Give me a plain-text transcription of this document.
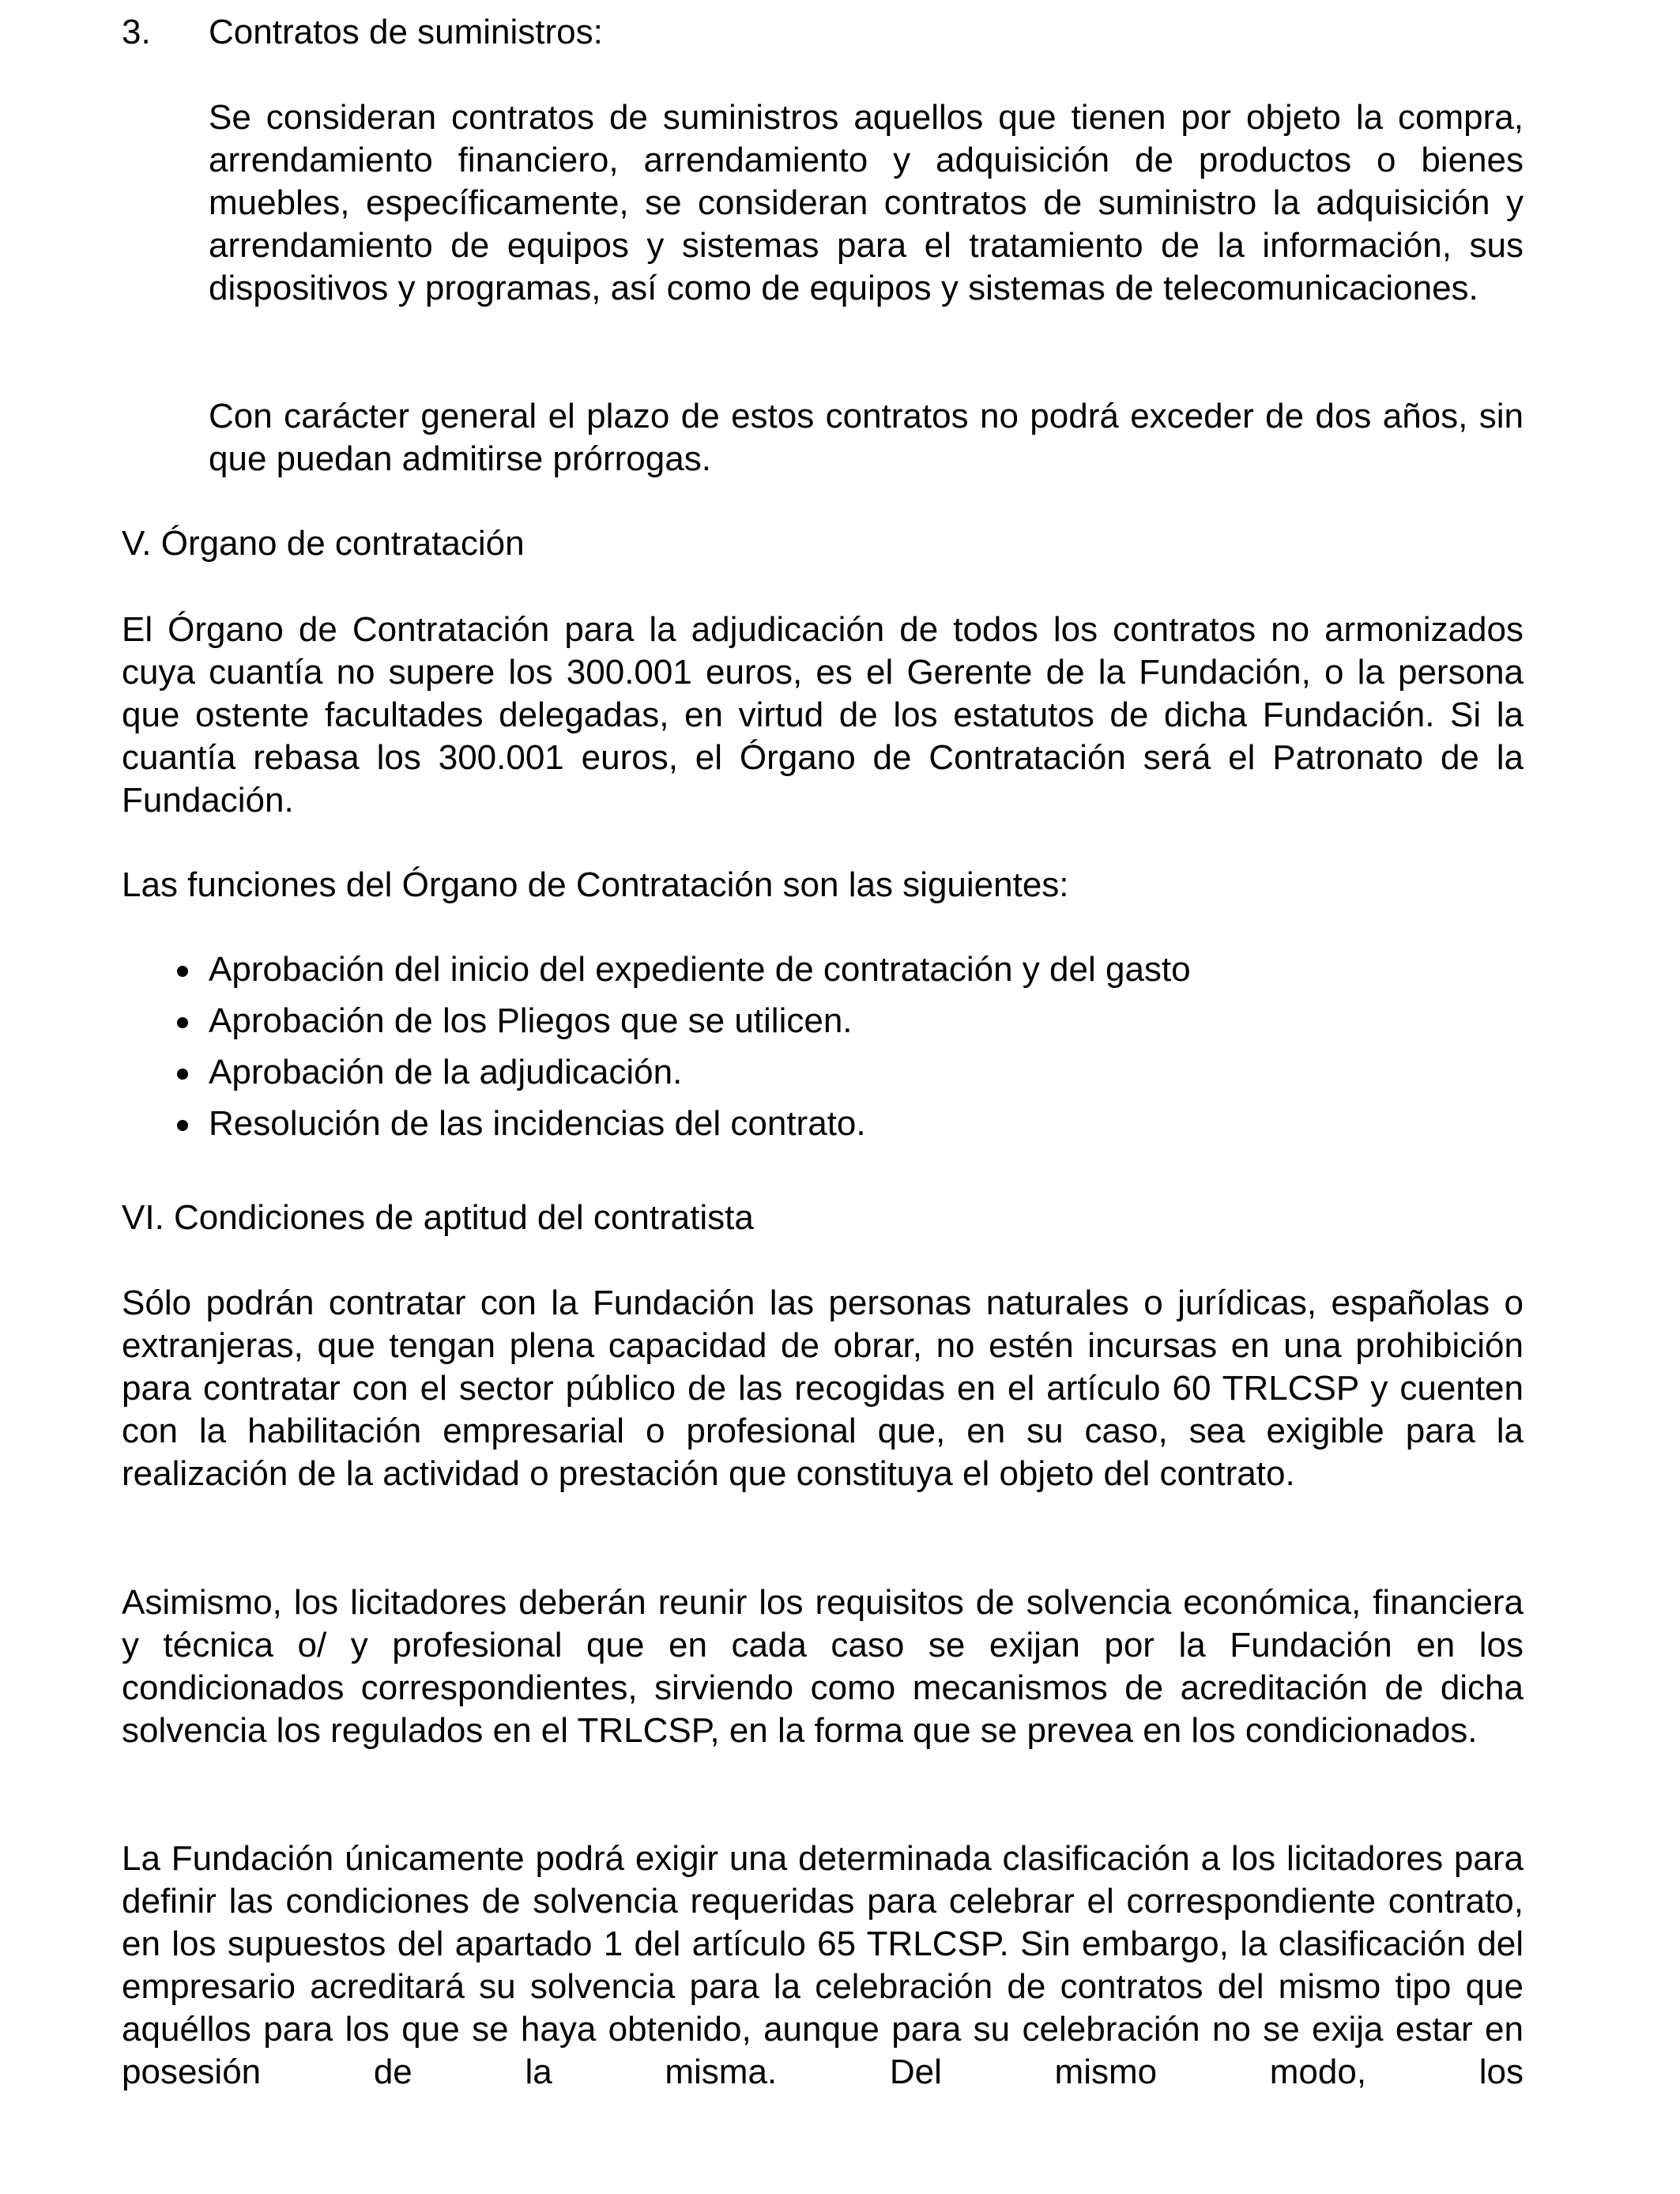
3. Contratos de suministros:

Se consideran contratos de suministros aquellos que tienen por objeto la compra, arrendamiento financiero, arrendamiento y adquisición de productos o bienes muebles, específicamente, se consideran contratos de suministro la adquisición y arrendamiento de equipos y sistemas para el tratamiento de la información, sus dispositivos y programas, así como de equipos y sistemas de telecomunicaciones.

Con carácter general el plazo de estos contratos no podrá exceder de dos años, sin que puedan admitirse prórrogas.

V. Órgano de contratación

El Órgano de Contratación para la adjudicación de todos los contratos no armonizados cuya cuantía no supere los 300.001 euros, es el Gerente de la Fundación, o la persona que ostente facultades delegadas, en virtud de los estatutos de dicha Fundación. Si la cuantía rebasa los 300.001 euros, el Órgano de Contratación será el Patronato de la Fundación.

Las funciones del Órgano de Contratación son las siguientes:

Aprobación del inicio del expediente de contratación y del gasto
Aprobación de los Pliegos que se utilicen.
Aprobación de la adjudicación.
Resolución de las incidencias del contrato.

VI. Condiciones de aptitud del contratista

Sólo podrán contratar con la Fundación las personas naturales o jurídicas, españolas o extranjeras, que tengan plena capacidad de obrar, no estén incursas en una prohibición para contratar con el sector público de las recogidas en el artículo 60 TRLCSP y cuenten con la habilitación empresarial o profesional que, en su caso, sea exigible para la realización de la actividad o prestación que constituya el objeto del contrato.

Asimismo, los licitadores deberán reunir los requisitos de solvencia económica, financiera y técnica o/ y profesional que en cada caso se exijan por la Fundación en los condicionados correspondientes, sirviendo como mecanismos de acreditación de dicha solvencia los regulados en el TRLCSP, en la forma que se prevea en los condicionados.

La Fundación únicamente podrá exigir una determinada clasificación a los licitadores para definir las condiciones de solvencia requeridas para celebrar el correspondiente contrato, en los supuestos del apartado 1 del artículo 65 TRLCSP. Sin embargo, la clasificación del empresario acreditará su solvencia para la celebración de contratos del mismo tipo que aquéllos para los que se haya obtenido, aunque para su celebración no se exija estar en posesión de la misma. Del mismo modo, los
